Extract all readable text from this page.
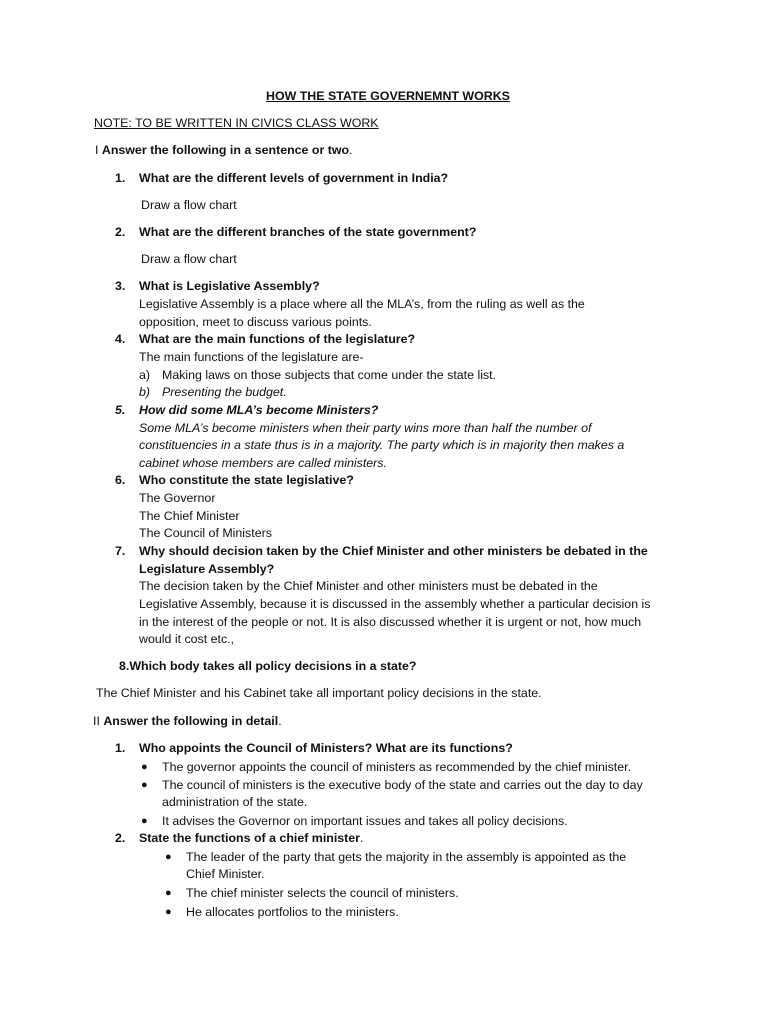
HOW THE STATE GOVERNEMNT WORKS
NOTE: TO BE WRITTEN IN CIVICS CLASS WORK
I Answer the following in a sentence or two.
1. What are the different levels of government in India?
Draw a flow chart
2. What are the different branches of the state government?
Draw a flow chart
3. What is Legislative Assembly?
Legislative Assembly is a place where all the MLA’s, from the ruling as well as the
opposition, meet to discuss various points.
4. What are the main functions of the legislature?
The main functions of the legislature are-
a) Making laws on those subjects that come under the state list.
b) Presenting the budget.
5. How did some MLA’s become Ministers?
Some MLA’s become ministers when their party wins more than half the number of
constituencies in a state thus is in a majority. The party which is in majority then makes a
cabinet whose members are called ministers.
6. Who constitute the state legislative?
The Governor
The Chief Minister
The Council of Ministers
7. Why should decision taken by the Chief Minister and other ministers be debated in the
Legislature Assembly?
The decision taken by the Chief Minister and other ministers must be debated in the
Legislative Assembly, because it is discussed in the assembly whether a particular decision is
in the interest of the people or not. It is also discussed whether it is urgent or not, how much
would it cost etc.,
8.Which body takes all policy decisions in a state?
The Chief Minister and his Cabinet take all important policy decisions in the state.
II Answer the following in detail.
1. Who appoints the Council of Ministers? What are its functions?
● The governor appoints the council of ministers as recommended by the chief minister.
● The council of ministers is the executive body of the state and carries out the day to day
administration of the state.
● It advises the Governor on important issues and takes all policy decisions.
2. State the functions of a chief minister.
● The leader of the party that gets the majority in the assembly is appointed as the
Chief Minister.
● The chief minister selects the council of ministers.
● He allocates portfolios to the ministers.
